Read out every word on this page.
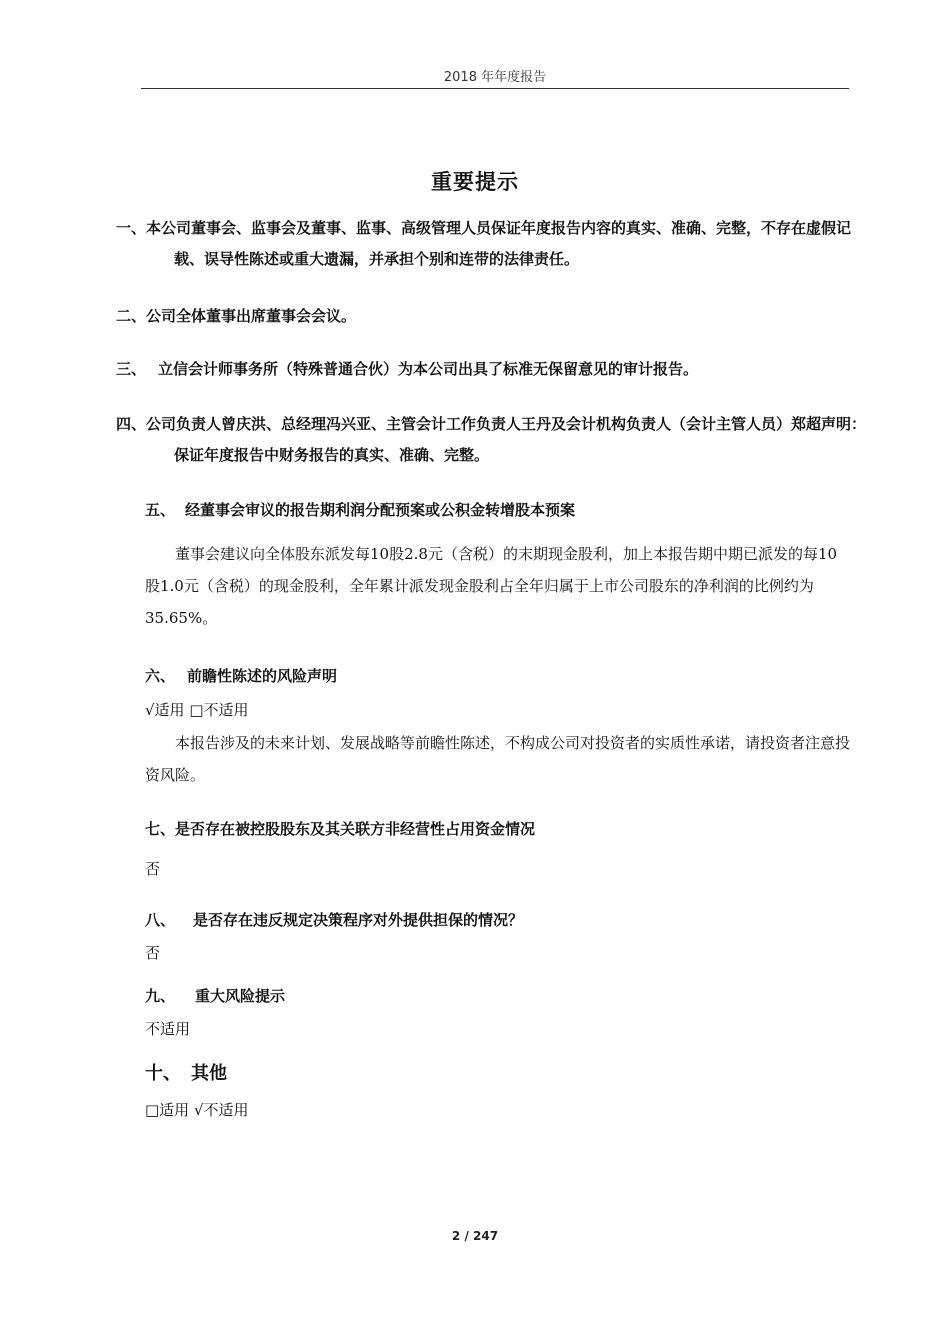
2018 年年度报告
重要提示
一、本公司董事会、监事会及董事、监事、高级管理人员保证年度报告内容的真实、准确、完整，不存在虚假记载、误导性陈述或重大遗漏，并承担个别和连带的法律责任。
二、公司全体董事出席董事会会议。
三、 立信会计师事务所（特殊普通合伙）为本公司出具了标准无保留意见的审计报告。
四、公司负责人曾庆洪、总经理冯兴亚、主管会计工作负责人王丹及会计机构负责人（会计主管人员）郑超声明：保证年度报告中财务报告的真实、准确、完整。
五、 经董事会审议的报告期利润分配预案或公积金转增股本预案
董事会建议向全体股东派发每10股2.8元（含税）的末期现金股利，加上本报告期中期已派发的每10股1.0元（含税）的现金股利，全年累计派发现金股利占全年归属于上市公司股东的净利润的比例约为35.65%。
六、 前瞻性陈述的风险声明
√适用 □不适用
本报告涉及的未来计划、发展战略等前瞻性陈述，不构成公司对投资者的实质性承诺，请投资者注意投资风险。
七、是否存在被控股股东及其关联方非经营性占用资金情况
否
八、 是否存在违反规定决策程序对外提供担保的情况？
否
九、 重大风险提示
不适用
十、 其他
□适用 √不适用
2 / 247
